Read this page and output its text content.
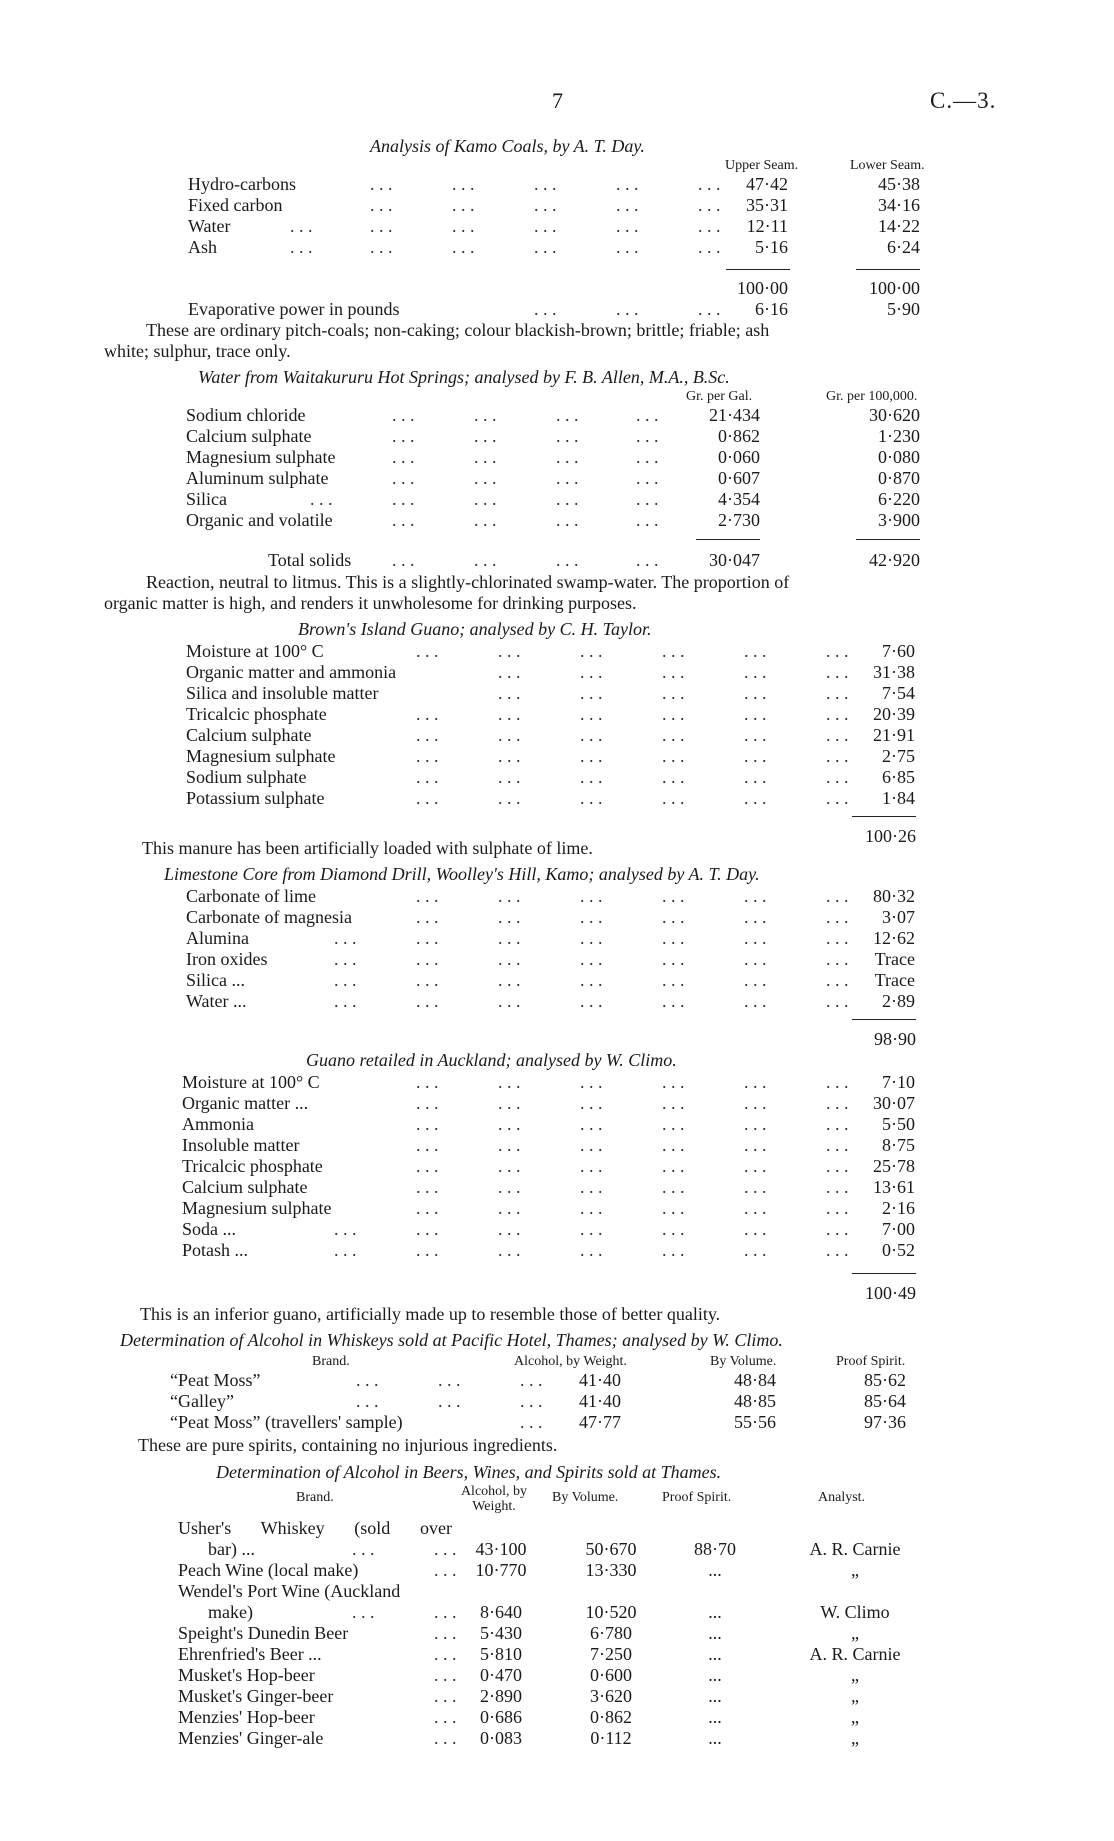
7	C.—3.
Analysis of Kamo Coals, by A. T. Day.
Upper Seam.	Lower Seam.
Hydro-carbons	. . .	. . .	. . .	. . .	. . .	47·42	45·38
Fixed carbon	. . .	. . .	. . .	. . .	. . .	35·31	34·16
Water	. . .	. . .	. . .	. . .	. . .	. . .	12·11	14·22
Ash	. . .	. . .	. . .	. . .	. . .	. . .	5·16	6·24
100·00	100·00
Evaporative power in pounds	. . .	. . .	. . .	6·16	5·90
These are ordinary pitch-coals; non-caking; colour blackish-brown; brittle; friable; ash
white; sulphur, trace only.
Water from Waitakururu Hot Springs; analysed by F. B. Allen, M.A., B.Sc.
Gr. per Gal.	Gr. per 100,000.
Sodium chloride	. . .	. . .	. . .	. . .	21·434	30·620
Calcium sulphate	. . .	. . .	. . .	. . .	0·862	1·230
Magnesium sulphate	. . .	. . .	. . .	. . .	0·060	0·080
Aluminum sulphate	. . .	. . .	. . .	. . .	0·607	0·870
Silica	. . .	. . .	. . .	. . .	. . .	4·354	6·220
Organic and volatile	. . .	. . .	. . .	. . .	2·730	3·900
Total solids . . .	. . .	. . .	. . .	30·047	42·920
Reaction, neutral to litmus. This is a slightly-chlorinated swamp-water. The proportion of
organic matter is high, and renders it unwholesome for drinking purposes.
Brown's Island Guano; analysed by C. H. Taylor.
Moisture at 100° C	. . .	. . .	. . .	. . .	. . .	. . .	7·60
Organic matter and ammonia	. . .	. . .	. . .	. . .	. . .	31·38
Silica and insoluble matter	. . .	. . .	. . .	. . .	. . .	7·54
Tricalcic phosphate	. . .	. . .	. . .	. . .	. . .	. . .	20·39
Calcium sulphate	. . .	. . .	. . .	. . .	. . .	. . .	21·91
Magnesium sulphate	. . .	. . .	. . .	. . .	. . .	. . .	2·75
Sodium sulphate	. . .	. . .	. . .	. . .	. . .	. . .	6·85
Potassium sulphate	. . .	. . .	. . .	. . .	. . .	. . .	1·84
100·26
This manure has been artificially loaded with sulphate of lime.
Limestone Core from Diamond Drill, Woolley's Hill, Kamo; analysed by A. T. Day.
Carbonate of lime	. . .	. . .	. . .	. . .	. . .	. . .	80·32
Carbonate of magnesia	. . .	. . .	. . .	. . .	. . .	. . .	3·07
Alumina	. . .	. . .	. . .	. . .	. . .	. . .	. . .	12·62
Iron oxides	. . .	. . .	. . .	. . .	. . .	. . .	. . .	Trace
Silica ...	. . .	. . .	. . .	. . .	. . .	. . .	. . .	Trace
Water ...	. . .	. . .	. . .	. . .	. . .	. . .	. . .	2·89
98·90
Guano retailed in Auckland; analysed by W. Climo.
Moisture at 100° C	. . .	. . .	. . .	. . .	. . .	. . .	7·10
Organic matter ...	. . .	. . .	. . .	. . .	. . .	. . .	30·07
Ammonia	. . .	. . .	. . .	. . .	. . .	. . .	5·50
Insoluble matter	. . .	. . .	. . .	. . .	. . .	. . .	8·75
Tricalcic phosphate	. . .	. . .	. . .	. . .	. . .	. . .	25·78
Calcium sulphate	. . .	. . .	. . .	. . .	. . .	. . .	13·61
Magnesium sulphate	. . .	. . .	. . .	. . .	. . .	. . .	2·16
Soda ...	. . .	. . .	. . .	. . .	. . .	. . .	. . .	7·00
Potash ...	. . .	. . .	. . .	. . .	. . .	. . .	. . .	0·52
100·49
This is an inferior guano, artificially made up to resemble those of better quality.
Determination of Alcohol in Whiskeys sold at Pacific Hotel, Thames; analysed by W. Climo.
Brand.	Alcohol, by Weight.	By Volume.	Proof Spirit.
“Peat Moss”	. . .	. . .	. . .	41·40	48·84	85·62
“Galley”	. . .	. . .	. . .	41·40	48·85	85·64
“Peat Moss” (travellers' sample)	. . .	47·77	55·56	97·36
These are pure spirits, containing no injurious ingredients.
Determination of Alcohol in Beers, Wines, and Spirits sold at Thames.
Brand.	Alcohol, by
Weight.
By Volume.	Proof Spirit.	Analyst.
Usher's Whiskey (sold over
bar) ...	. . .	. . .	43·100	50·670	88·70	A. R. Carnie
Peach Wine (local make)	. . .	10·770	13·330	...	„
Wendel's Port Wine (Auckland
make)	. . .	. . .	8·640	10·520	...	W. Climo
Speight's Dunedin Beer	. . .	5·430	6·780	...	„
Ehrenfried's Beer ...	. . .	5·810	7·250	...	A. R. Carnie
Musket's Hop-beer	. . .	0·470	0·600	...	„
Musket's Ginger-beer	. . .	2·890	3·620	...	„
Menzies' Hop-beer	. . .	0·686	0·862	...	„
Menzies' Ginger-ale	. . .	0·083	0·112	...	„
